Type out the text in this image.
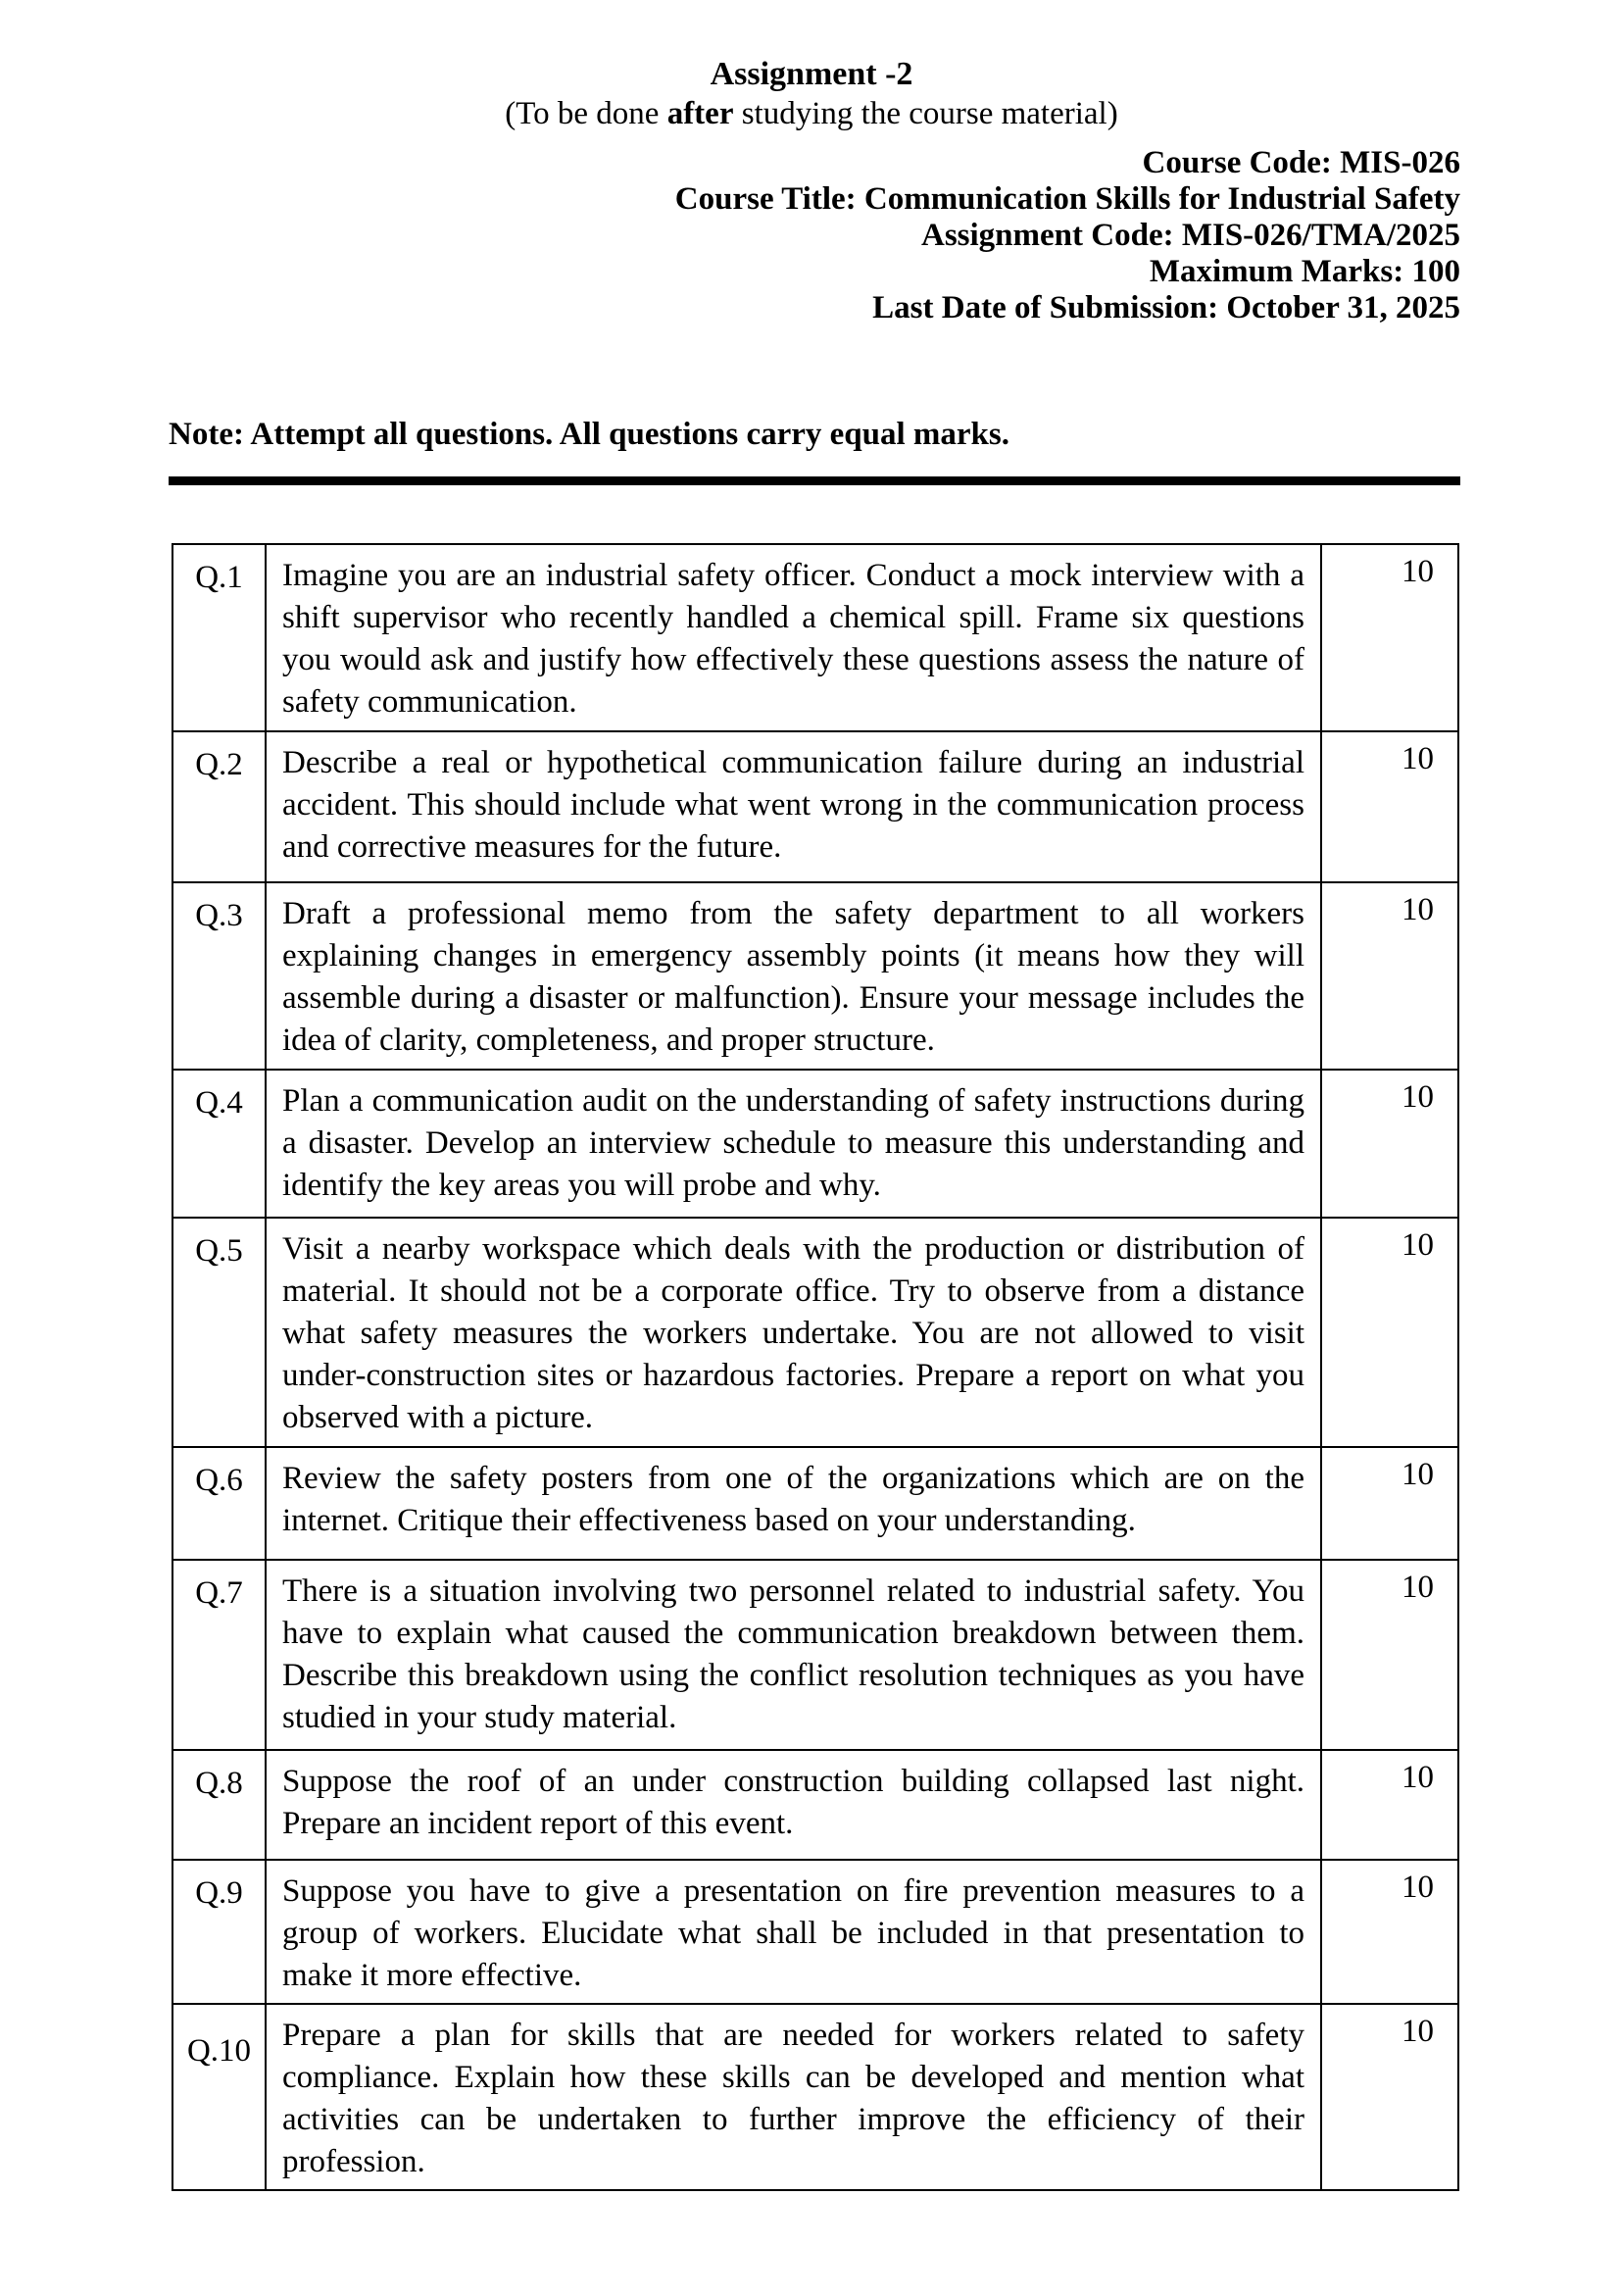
Assignment -2
(To be done after studying the course material)
Course Code: MIS-026
Course Title: Communication Skills for Industrial Safety
Assignment Code: MIS-026/TMA/2025
Maximum Marks: 100
Last Date of Submission: October 31, 2025
Note: Attempt all questions. All questions carry equal marks.
Q.1	Imagine you are an industrial safety officer. Conduct a mock interview with a shift supervisor who recently handled a chemical spill. Frame six questions you would ask and justify how effectively these questions assess the nature of safety communication.	10
Q.2	Describe a real or hypothetical communication failure during an industrial accident. This should include what went wrong in the communication process and corrective measures for the future.	10
Q.3	Draft a professional memo from the safety department to all workers explaining changes in emergency assembly points (it means how they will assemble during a disaster or malfunction). Ensure your message includes the idea of clarity, completeness, and proper structure.	10
Q.4	Plan a communication audit on the understanding of safety instructions during a disaster. Develop an interview schedule to measure this understanding and identify the key areas you will probe and why.	10
Q.5	Visit a nearby workspace which deals with the production or distribution of material. It should not be a corporate office. Try to observe from a distance what safety measures the workers undertake. You are not allowed to visit under-construction sites or hazardous factories. Prepare a report on what you observed with a picture.	10
Q.6	Review the safety posters from one of the organizations which are on the internet. Critique their effectiveness based on your understanding.	10
Q.7	There is a situation involving two personnel related to industrial safety. You have to explain what caused the communication breakdown between them. Describe this breakdown using the conflict resolution techniques as you have studied in your study material.	10
Q.8	Suppose the roof of an under construction building collapsed last night. Prepare an incident report of this event.	10
Q.9	Suppose you have to give a presentation on fire prevention measures to a group of workers. Elucidate what shall be included in that presentation to make it more effective.	10
Q.10	Prepare a plan for skills that are needed for workers related to safety compliance. Explain how these skills can be developed and mention what activities can be undertaken to further improve the efficiency of their profession.	10
